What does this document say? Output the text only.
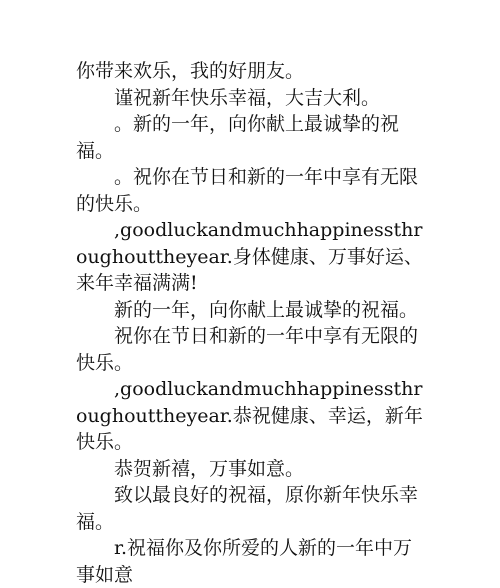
你带来欢乐，我的好朋友。

谨祝新年快乐幸福，大吉大利。

。新的一年，向你献上最诚挚的祝福。

。祝你在节日和新的一年中享有无限的快乐。

,goodluckandmuchhappinessthroughouttheyear.身体健康、万事好运、来年幸福满满!

新的一年，向你献上最诚挚的祝福。

祝你在节日和新的一年中享有无限的快乐。

,goodluckandmuchhappinessthroughouttheyear.恭祝健康、幸运，新年快乐。

恭贺新禧，万事如意。

致以最良好的祝福，原你新年快乐幸福。

r.祝福你及你所爱的人新的一年中万事如意
